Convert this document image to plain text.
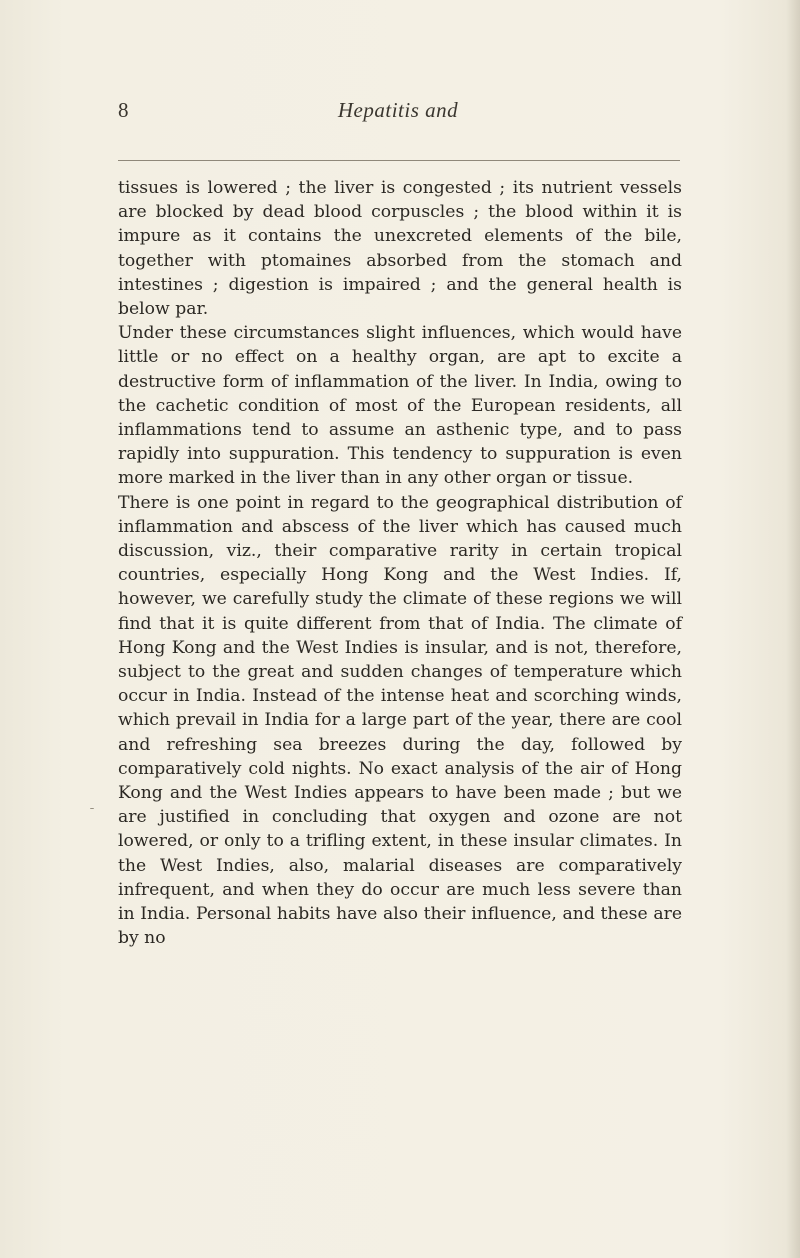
8	Hepatitis and

tissues is lowered ; the liver is congested ; its nutrient vessels are blocked by dead blood corpuscles ; the blood within it is impure as it contains the unexcreted elements of the bile, together with ptomaines absorbed from the stomach and intestines ; digestion is impaired ; and the general health is below par.

Under these circumstances slight influences, which would have little or no effect on a healthy organ, are apt to excite a destructive form of inflammation of the liver. In India, owing to the cachetic condition of most of the European residents, all inflammations tend to assume an asthenic type, and to pass rapidly into suppuration. This tendency to suppuration is even more marked in the liver than in any other organ or tissue.

There is one point in regard to the geographical distribution of inflammation and abscess of the liver which has caused much discussion, viz., their comparative rarity in certain tropical countries, especially Hong Kong and the West Indies. If, however, we carefully study the climate of these regions we will find that it is quite different from that of India. The climate of Hong Kong and the West Indies is insular, and is not, therefore, subject to the great and sudden changes of temperature which occur in India. Instead of the intense heat and scorching winds, which prevail in India for a large part of the year, there are cool and refreshing sea breezes during the day, followed by comparatively cold nights. No exact analysis of the air of Hong Kong and the West Indies appears to have been made ; but we are justified in concluding that oxygen and ozone are not lowered, or only to a trifling extent, in these insular climates. In the West Indies, also, malarial diseases are comparatively infrequent, and when they do occur are much less severe than in India. Personal habits have also their influence, and these are by no

ˍ
